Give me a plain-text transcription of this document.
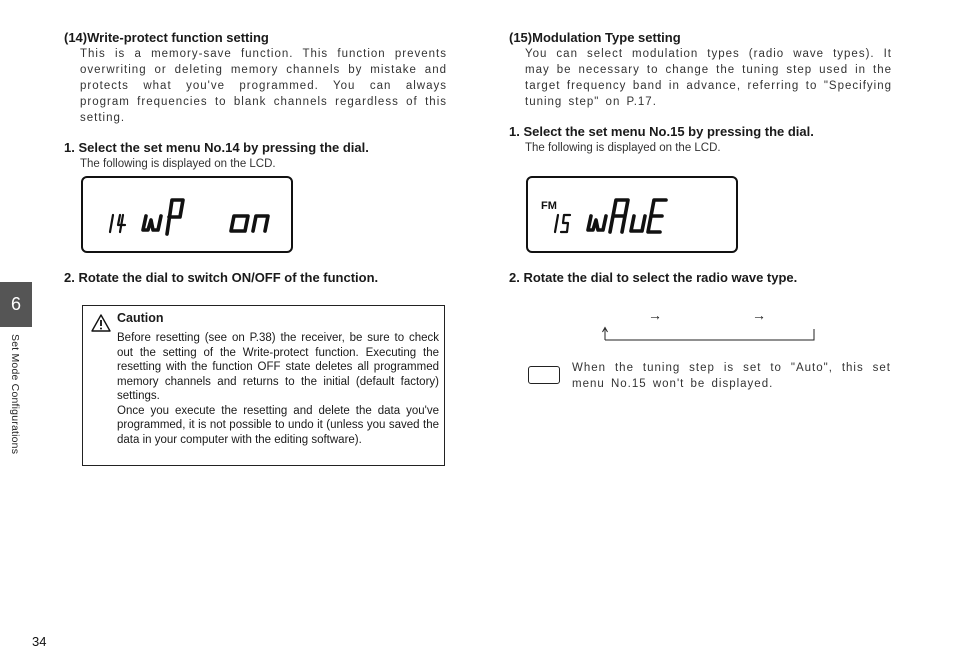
(14)Write-protect function setting

This is a memory-save function. This function prevents overwriting or deleting memory channels by mistake and protects what you've programmed. You can always program frequencies to blank channels regardless of this setting.

1. Select the set menu No.14 by pressing the dial.

The following is displayed on the LCD.

2. Rotate the dial to switch ON/OFF of the function.

Caution

Before resetting (see on P.38) the receiver, be sure to check out the setting of the Write-protect function. Executing the resetting with the function OFF state deletes all programmed memory channels and returns to the initial (default factory) settings.

Once you execute the resetting and delete the data you've programmed, it is not possible to undo it (unless you saved the data in your computer with the editing software).

(15)Modulation Type setting

You can select modulation types (radio wave types). It may be necessary to change the tuning step used in the target frequency band in advance, referring to "Specifying tuning step" on P.17.

1. Select the set menu No.15 by pressing the dial.

The following is displayed on the LCD.

FM

2. Rotate the dial to select the radio wave type.

→	→

When the tuning step is set to "Auto", this set menu No.15 won't be displayed.

6
Set Mode Configurations
34
